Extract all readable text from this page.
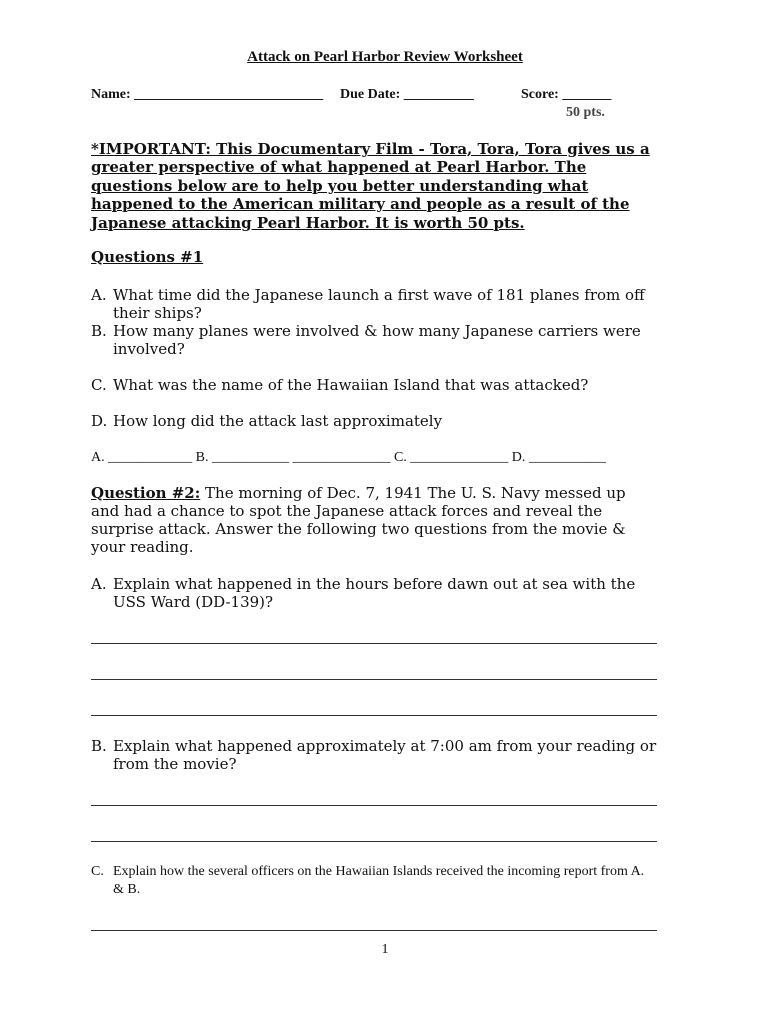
Attack on Pearl Harbor Review Worksheet
Name: ___________________________ Due Date: __________	Score: _______
50 pts.
*IMPORTANT: This Documentary Film - Tora, Tora, Tora gives us a greater perspective of what happened at Pearl Harbor. The questions below are to help you better understanding what happened to the American military and people as a result of the Japanese attacking Pearl Harbor. It is worth 50 pts.
Questions #1
A. What time did the Japanese launch a first wave of 181 planes from off their ships?
B. How many planes were involved & how many Japanese carriers were involved?
C. What was the name of the Hawaiian Island that was attacked?
D. How long did the attack last approximately
A. ____________ B. ___________ ______________ C. ______________ D. ___________
Question #2: The morning of Dec. 7, 1941 The U. S. Navy messed up and had a chance to spot the Japanese attack forces and reveal the surprise attack. Answer the following two questions from the movie & your reading.
A. Explain what happened in the hours before dawn out at sea with the USS Ward (DD-139)?
B. Explain what happened approximately at 7:00 am from your reading or from the movie?
C. Explain how the several officers on the Hawaiian Islands received the incoming report from A. & B.
1
